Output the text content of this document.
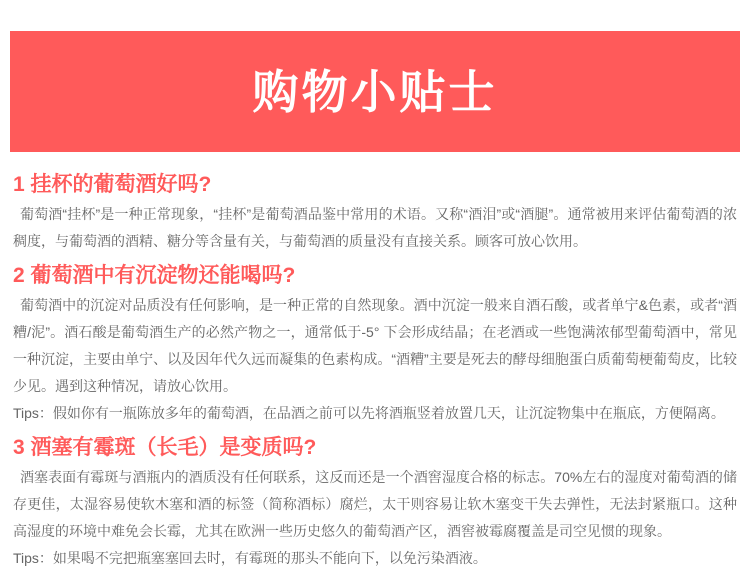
购物小贴士
1 挂杯的葡萄酒好吗?

葡萄酒“挂杯”是一种正常现象，“挂杯”是葡萄酒品鉴中常用的术语。又称“酒泪”或“酒腿”。通常被用来评估葡萄酒的浓稠度，与葡萄酒的酒精、糖分等含量有关，与葡萄酒的质量没有直接关系。顾客可放心饮用。

2 葡萄酒中有沉淀物还能喝吗?

葡萄酒中的沉淀对品质没有任何影响，是一种正常的自然现象。酒中沉淀一般来自酒石酸，或者单宁&色素，或者“酒糟/泥”。酒石酸是葡萄酒生产的必然产物之一，通常低于-5° 下会形成结晶；在老酒或一些饱满浓郁型葡萄酒中，常见一种沉淀，主要由单宁、以及因年代久远而凝集的色素构成。“酒糟”主要是死去的酵母细胞蛋白质葡萄梗葡萄皮，比较少见。遇到这种情况，请放心饮用。

Tips：假如你有一瓶陈放多年的葡萄酒，在品酒之前可以先将酒瓶竖着放置几天，让沉淀物集中在瓶底，方便隔离。

3 酒塞有霉斑（长毛）是变质吗?

酒塞表面有霉斑与酒瓶内的酒质没有任何联系，这反而还是一个酒窖湿度合格的标志。70%左右的湿度对葡萄酒的储存更佳，太湿容易使软木塞和酒的标签（简称酒标）腐烂，太干则容易让软木塞变干失去弹性，无法封紧瓶口。这种高湿度的环境中难免会长霉，尤其在欧洲一些历史悠久的葡萄酒产区，酒窖被霉腐覆盖是司空见惯的现象。

Tips：如果喝不完把瓶塞塞回去时，有霉斑的那头不能向下，以免污染酒液。
